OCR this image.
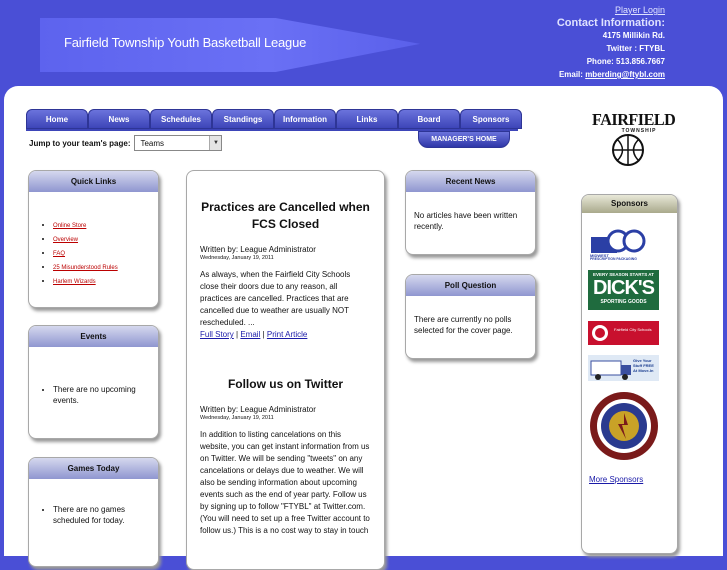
Fairfield Township Youth Basketball League
Player Login
Contact Information:
4175 Millikin Rd.
Twitter : FTYBL
Phone: 513.856.7667
Email: mberding@ftybl.com
Home	News	Schedules	Standings	Information	Links	Board	Sponsors
Jump to your team's page: Teams	▼	MANAGER'S HOME
FAIRFIELD
TOWNSHIP
Quick Links
• Online Store
• Overview
• FAQ
• 25 Misunderstood Rules
• Harlem Wizards
Events
• There are no upcoming events.
Games Today
• There are no games scheduled for today.
Practices are Cancelled when FCS Closed
Written by: League Administrator
Wednesday, January 19, 2011
As always, when the Fairfield City Schools close their doors due to any reason, all practices are cancelled. Practices that are cancelled due to weather are usually NOT rescheduled. ...
Full Story | Email | Print Article
Follow us on Twitter
Written by: League Administrator
Wednesday, January 19, 2011
In addition to listing cancelations on this website, you can get instant information from us on Twitter. We will be sending "tweets" on any cancelations or delays due to weather. We will also be sending information about upcoming events such as the end of year party. Follow us by signing up to follow "FTYBL" at Twitter.com. (You will need to set up a free Twitter account to follow us.) This is a no cost way to stay in touch
Recent News
No articles have been written recently.
Poll Question
There are currently no polls selected for the cover page.
Sponsors
MIDWEST
PRESCRIPTION PACKAGING
EVERY SEASON STARTS AT
DICK'S
SPORTING GOODS
Fairfield City Schools
Give Your Stuff FREE At Move-In
More Sponsors
